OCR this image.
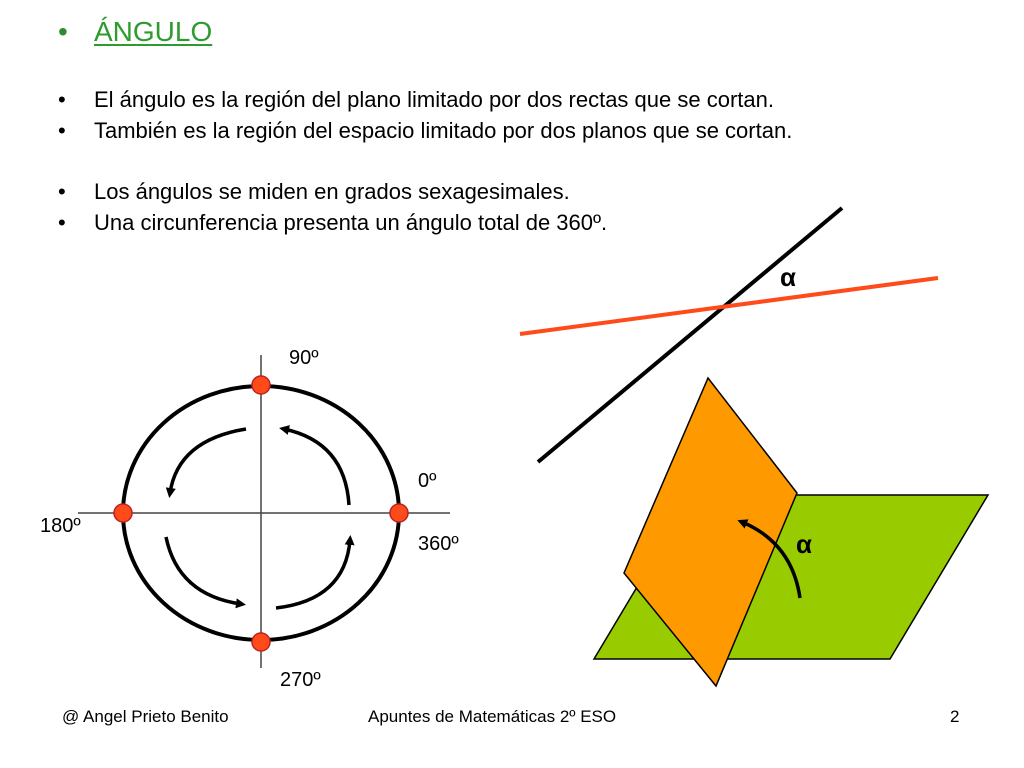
• ÁNGULO
• El ángulo es la región del plano limitado por dos rectas que se cortan.
• También es la región del espacio limitado por dos planos que se cortan.
• Los ángulos se miden en grados sexagesimales.
• Una circunferencia presenta un ángulo total de 360º.
90º
0º
180º
360º
270º
α
α
@ Angel Prieto Benito	Apuntes de Matemáticas 2º ESO	2
